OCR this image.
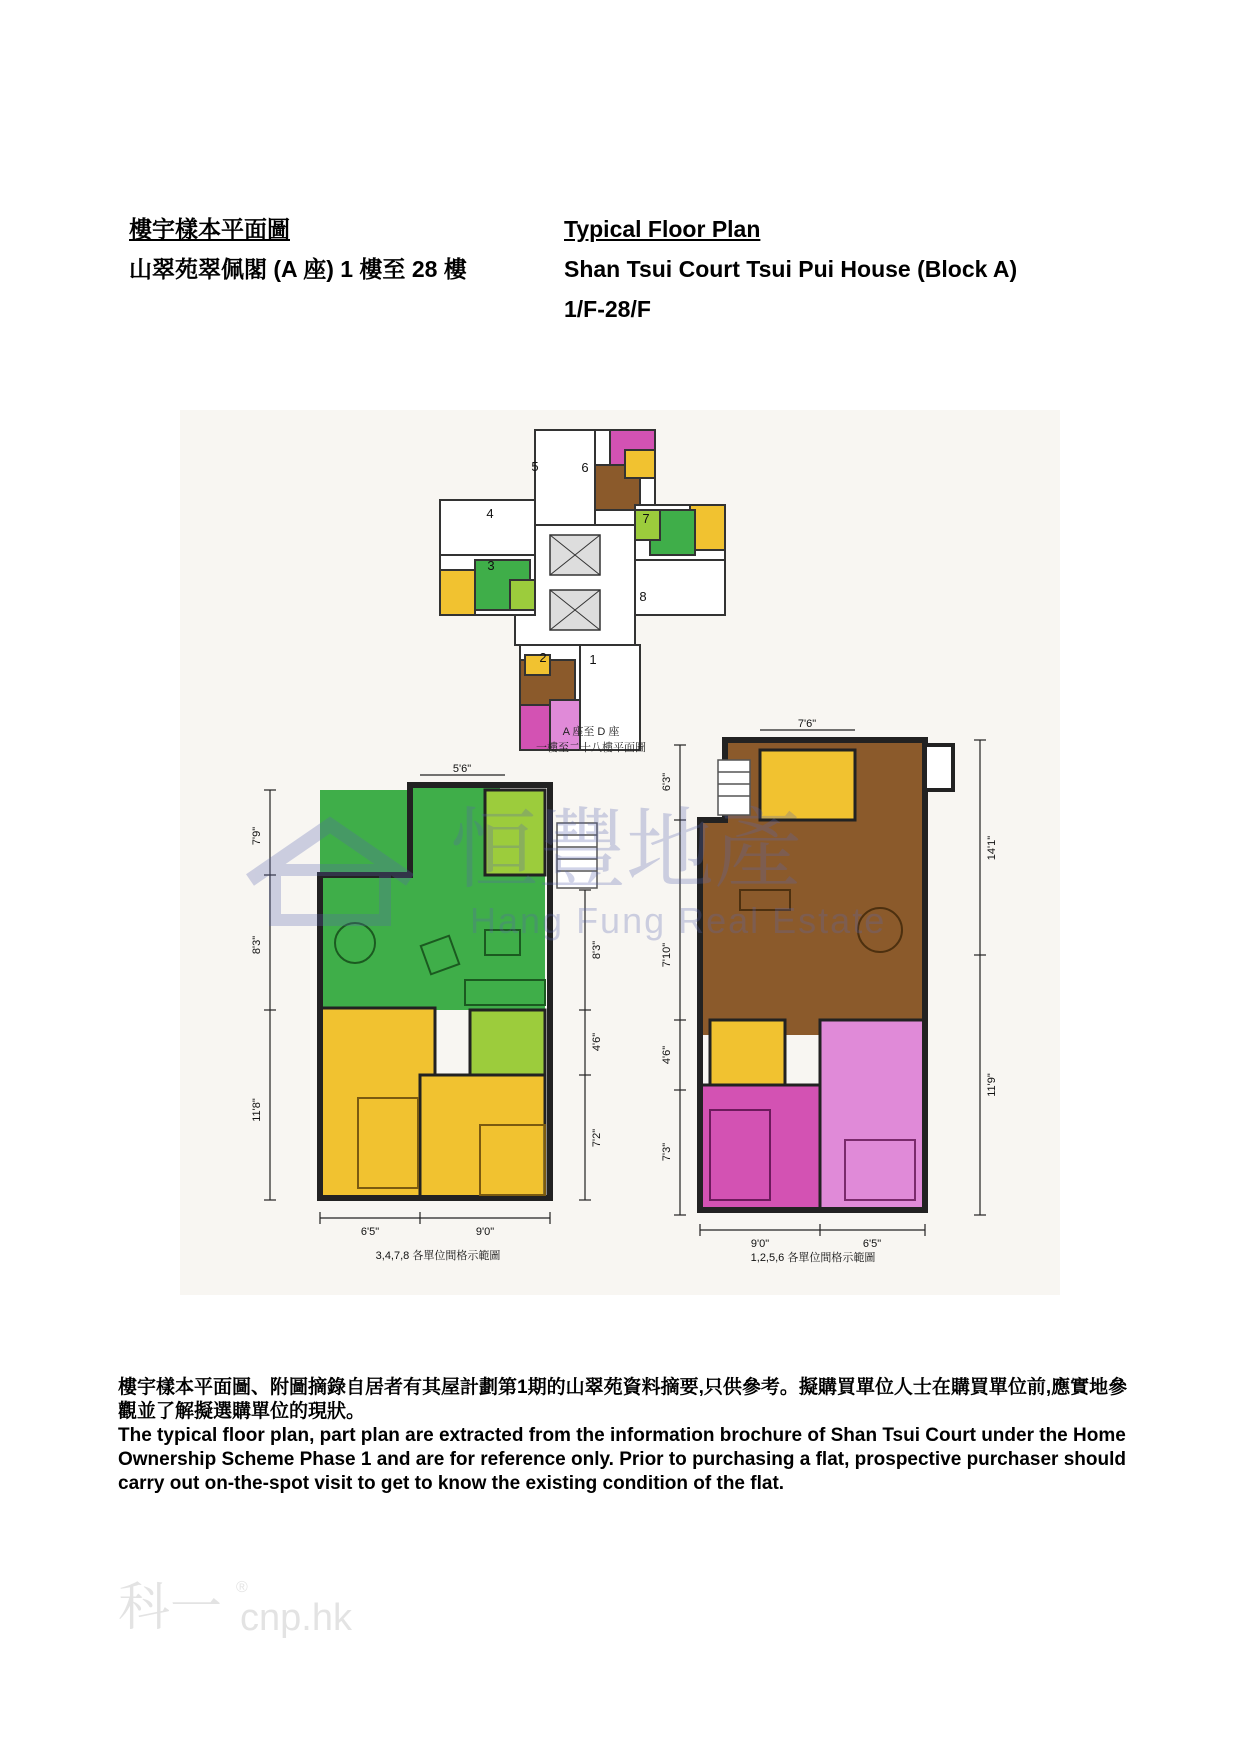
樓宇樣本平面圖
山翠苑翠佩閣 (A 座) 1 樓至 28 樓
Typical Floor Plan
Shan Tsui Court Tsui Pui House (Block A)
1/F-28/F
1
2
3
4
5	6
7
8
A 座至 D 座
一樓至二十八樓平面圖
5'6"
7'9"
8'3"
11'8"
8'3"
4'6"
7'2"
6'5"	9'0"
3,4,7,8 各單位間格示範圖
7'6"
6'3"
7'10"
4'6"
7'3"
14'1"
11'9"
9'0"	6'5"
1,2,5,6 各單位間格示範圖
恒豐地產
Hang Fung Real Estate

樓宇樣本平面圖、附圖摘錄自居者有其屋計劃第1期的山翠苑資料摘要,只供參考。擬購買單位人士在購買單位前,應實地參觀並了解擬選購單位的現狀。

The typical floor plan, part plan are extracted from the information brochure of Shan Tsui Court under the Home Ownership Scheme Phase 1 and are for reference only. Prior to purchasing a flat, prospective purchaser should carry out on-the-spot visit to get to know the existing condition of the flat.

科一 ®
cnp.hk
